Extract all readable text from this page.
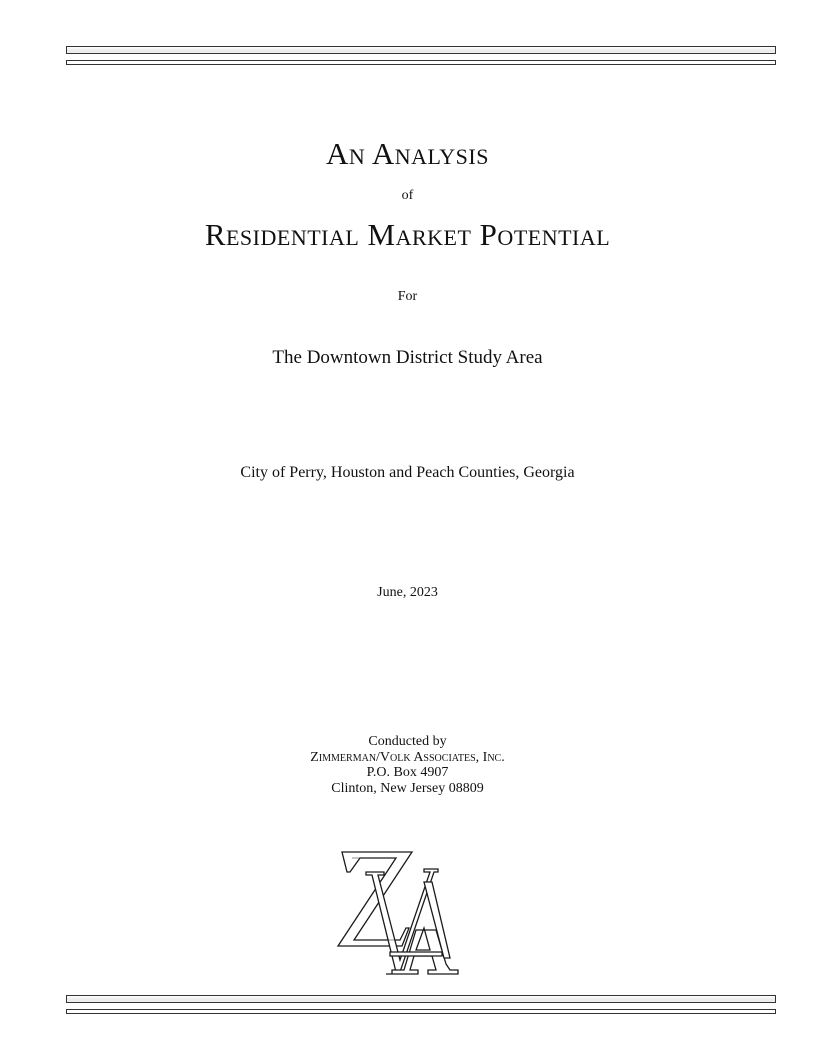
An Analysis
of
Residential Market Potential
For
The Downtown District Study Area
City of Perry, Houston and Peach Counties, Georgia
June, 2023
Conducted by
Zimmerman/Volk Associates, Inc.
P.O. Box 4907
Clinton, New Jersey 08809
